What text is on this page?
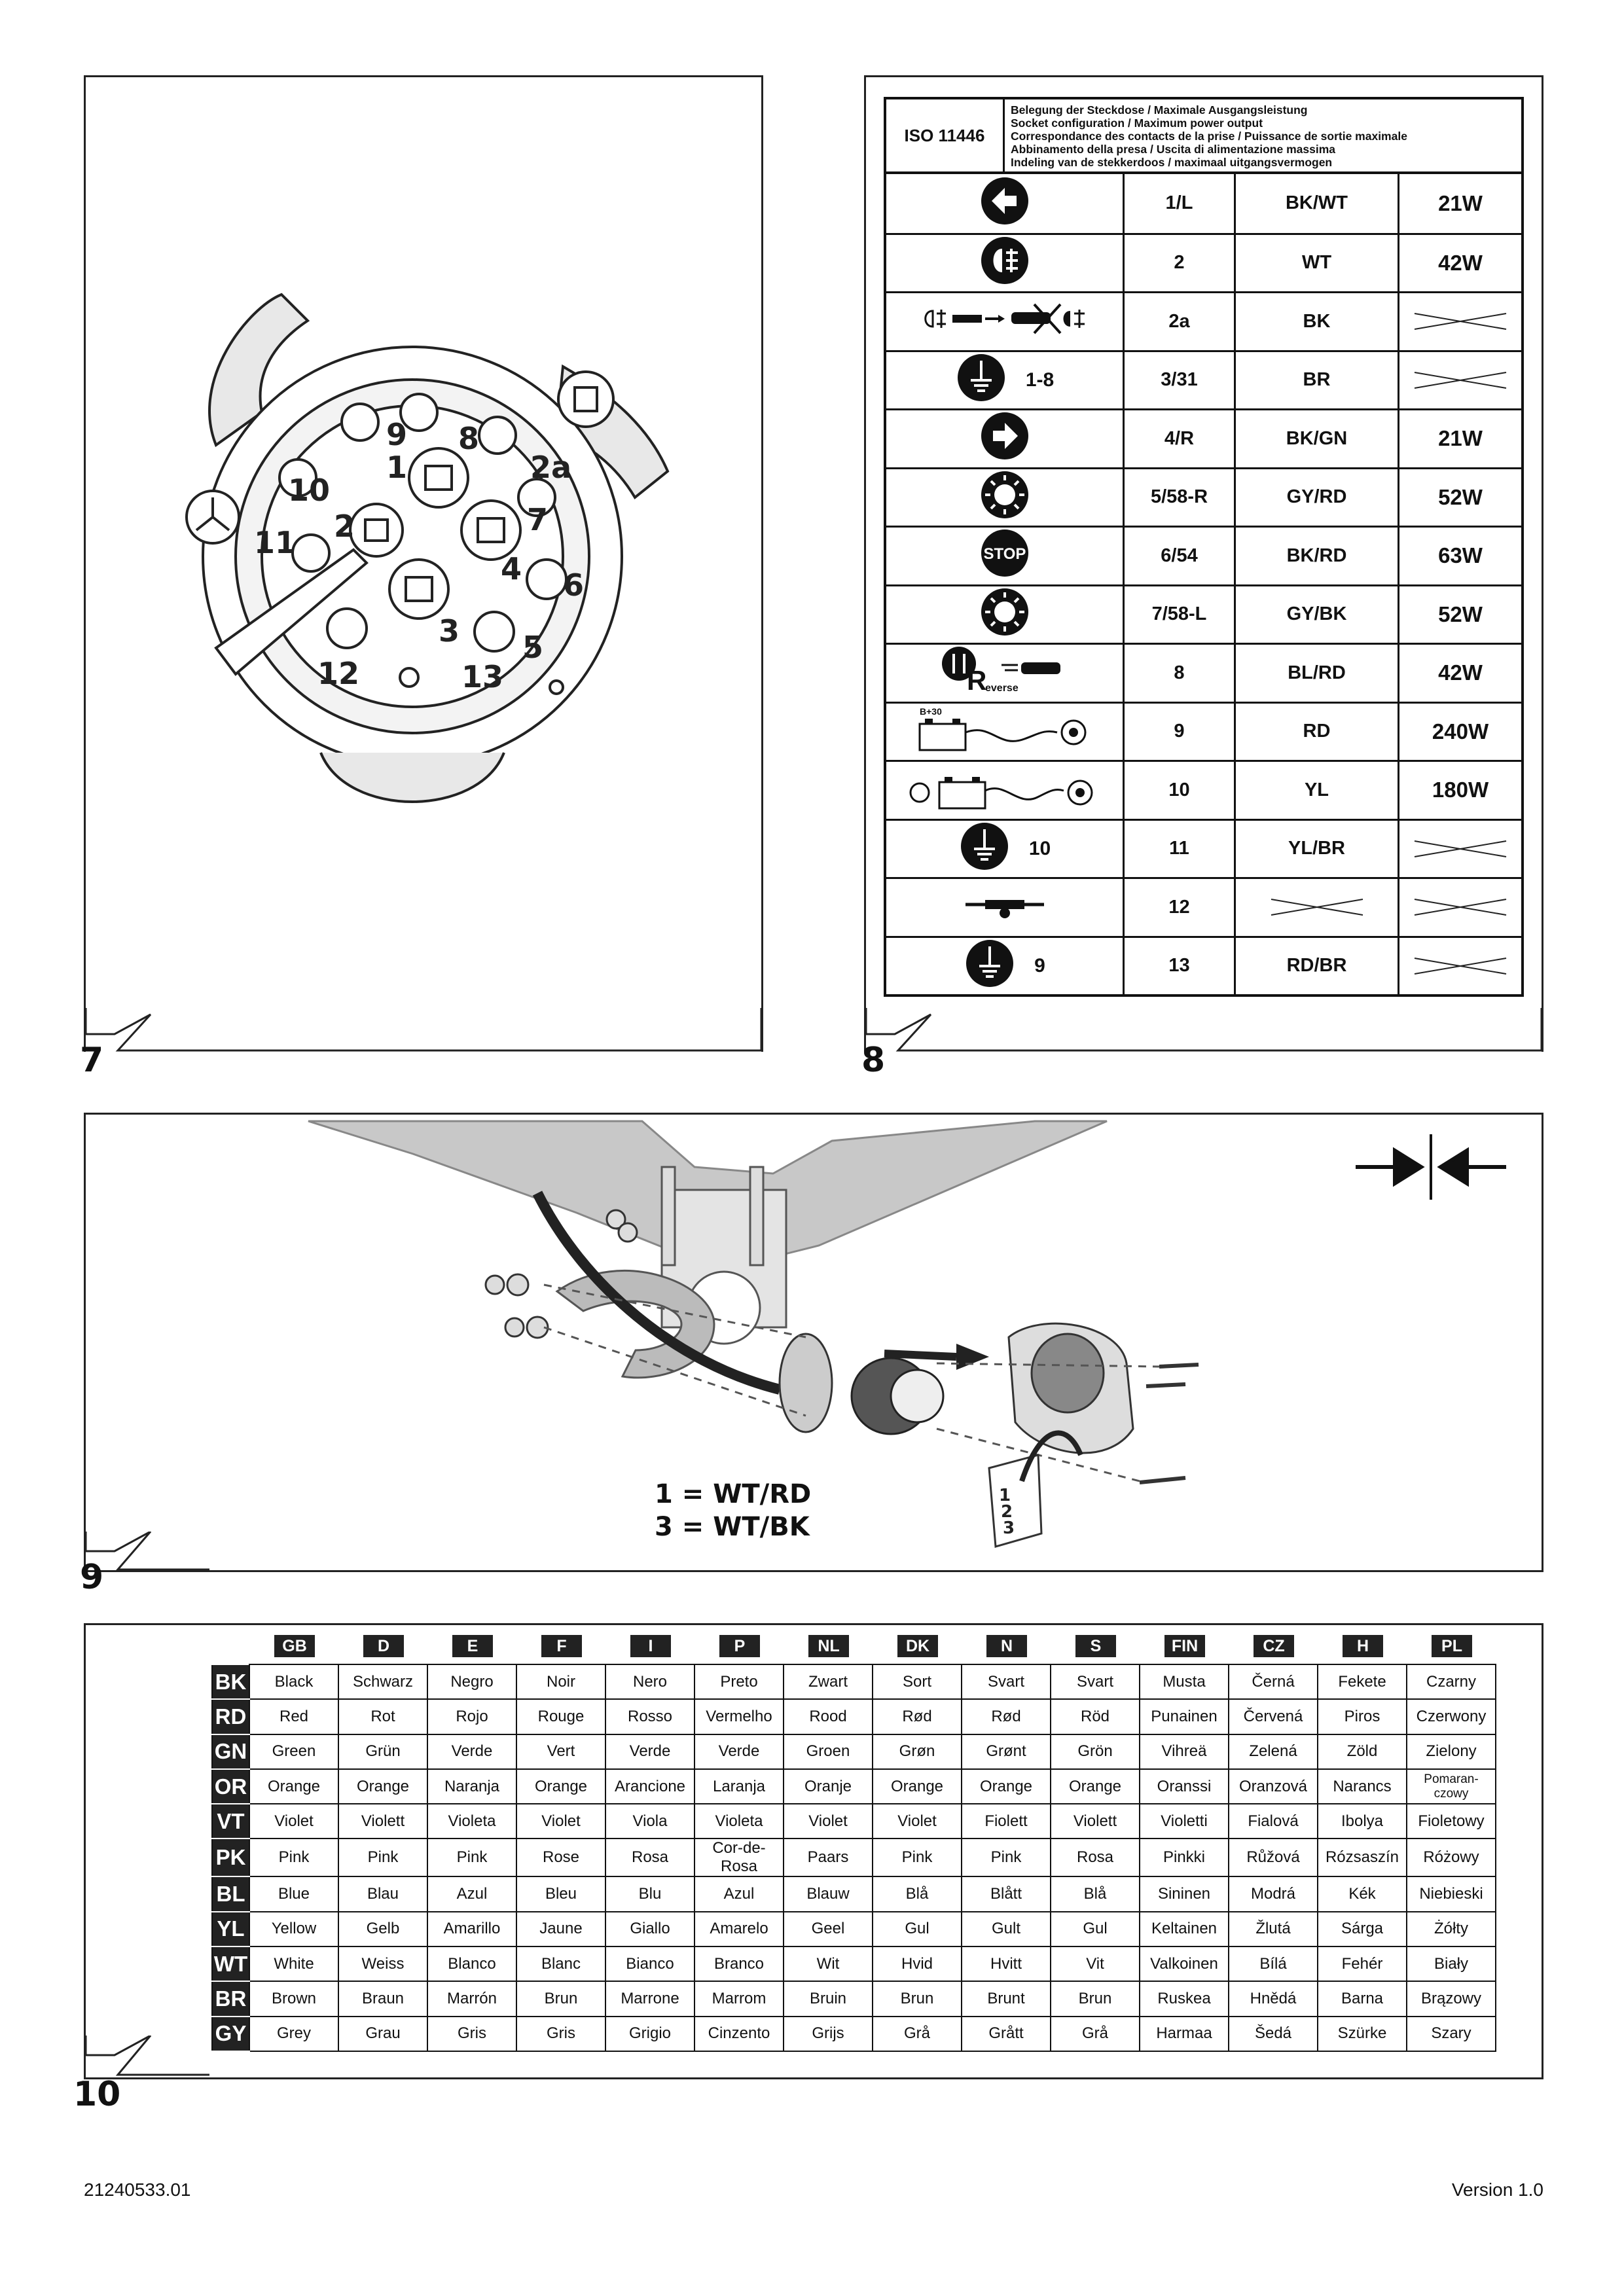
7
9 8
1
10
2a
7
2
4 6
11
3 5
12	13
8
ISO 11446
Belegung der Steckdose / Maximale Ausgangsleistung
Socket configuration / Maximum power output
Correspondance des contacts de la prise / Puissance de sortie maximale
Abbinamento della presa / Uscita di alimentazione massima
Indeling van de stekkerdoos / maximaal uitgangsvermogen
1/L	BK/WT	21W
2	WT	42W
2a	BK
1-8	3/31	BR
4/R	BK/GN	21W
5/58-R	GY/RD	52W
STOP	6/54	BK/RD	63W
7/58-L	GY/BK	52W
R
everse
8	BL/RD	42W
B+30
9	RD	240W
10	YL	180W
10	11	YL/BR
12
9	13	RD/BR
9
1
2
3
1 = WT/RD
3 = WT/BK
10
GB	D	E	F	I	P	NL	DK	N	S	FIN	CZ	H	PL
BK	Black	Schwarz	Negro	Noir	Nero	Preto	Zwart	Sort	Svart	Svart	Musta	Černá	Fekete	Czarny
RD	Red	Rot	Rojo	Rouge	Rosso	Vermelho	Rood	Rød	Rød	Röd	Punainen	Červená	Piros	Czerwony
GN	Green	Grün	Verde	Vert	Verde	Verde	Groen	Grøn	Grønt	Grön	Vihreä	Zelená	Zöld	Zielony
OR	Orange	Orange	Naranja	Orange	Arancione	Laranja	Oranje	Orange	Orange	Orange	Oranssi	Oranzová	Narancs	Pomaran-czowy
VT	Violet	Violett	Violeta	Violet	Viola	Violeta	Violet	Violet	Fiolett	Violett	Violetti	Fialová	Ibolya	Fioletowy
PK	Pink	Pink	Pink	Rose	Rosa	Cor-de-Rosa	Paars	Pink	Pink	Rosa	Pinkki	Růžová	Rózsaszín	Różowy
BL	Blue	Blau	Azul	Bleu	Blu	Azul	Blauw	Blå	Blått	Blå	Sininen	Modrá	Kék	Niebieski
YL	Yellow	Gelb	Amarillo	Jaune	Giallo	Amarelo	Geel	Gul	Gult	Gul	Keltainen	Žlutá	Sárga	Żółty
WT	White	Weiss	Blanco	Blanc	Bianco	Branco	Wit	Hvid	Hvitt	Vit	Valkoinen	Bílá	Fehér	Biały
BR	Brown	Braun	Marrón	Brun	Marrone	Marrom	Bruin	Brun	Brunt	Brun	Ruskea	Hnědá	Barna	Brązowy
GY	Grey	Grau	Gris	Gris	Grigio	Cinzento	Grijs	Grå	Grått	Grå	Harmaa	Šedá	Szürke	Szary
21240533.01	Version 1.0
